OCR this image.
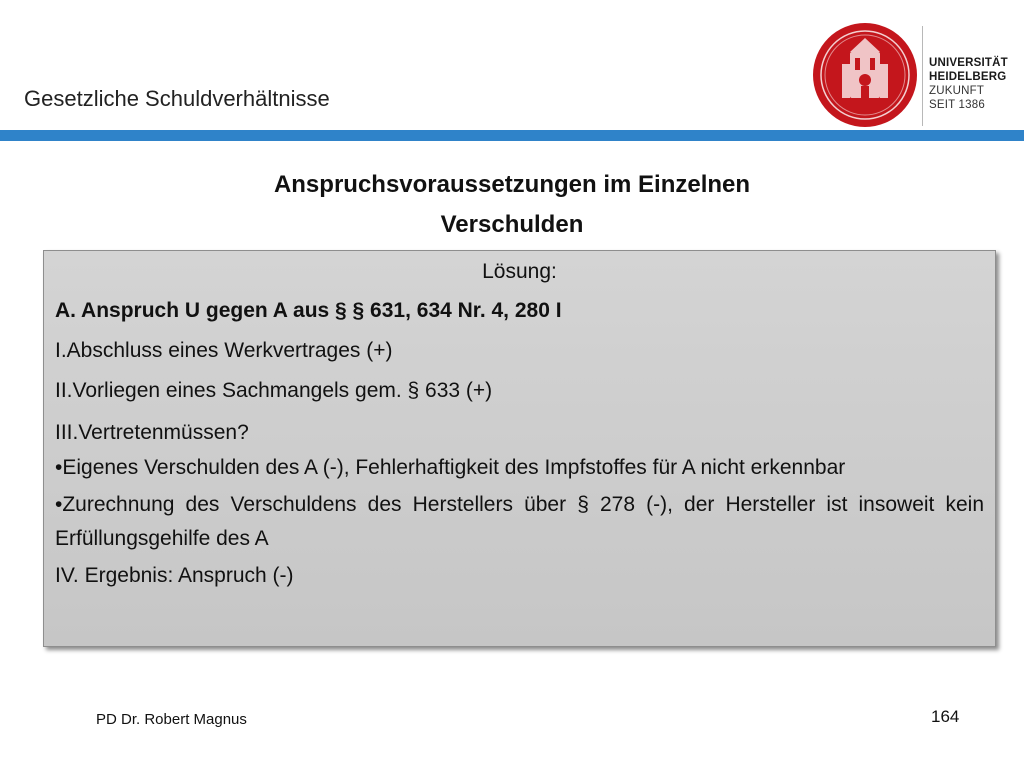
Gesetzliche Schuldverhältnisse
UNIVERSITÄT
HEIDELBERG
ZUKUNFT
SEIT 1386
Anspruchsvoraussetzungen im Einzelnen
Verschulden
Lösung:
A. Anspruch U gegen A aus § § 631, 634 Nr. 4, 280 I
I.Abschluss eines Werkvertrages (+)
II.Vorliegen eines Sachmangels gem. § 633 (+)
III.Vertretenmüssen?
•Eigenes Verschulden des A (-), Fehlerhaftigkeit des Impfstoffes für A nicht erkennbar
•Zurechnung des Verschuldens des Herstellers über § 278 (-), der Hersteller ist insoweit kein Erfüllungsgehilfe des A
IV. Ergebnis: Anspruch (-)
PD Dr. Robert Magnus	164
